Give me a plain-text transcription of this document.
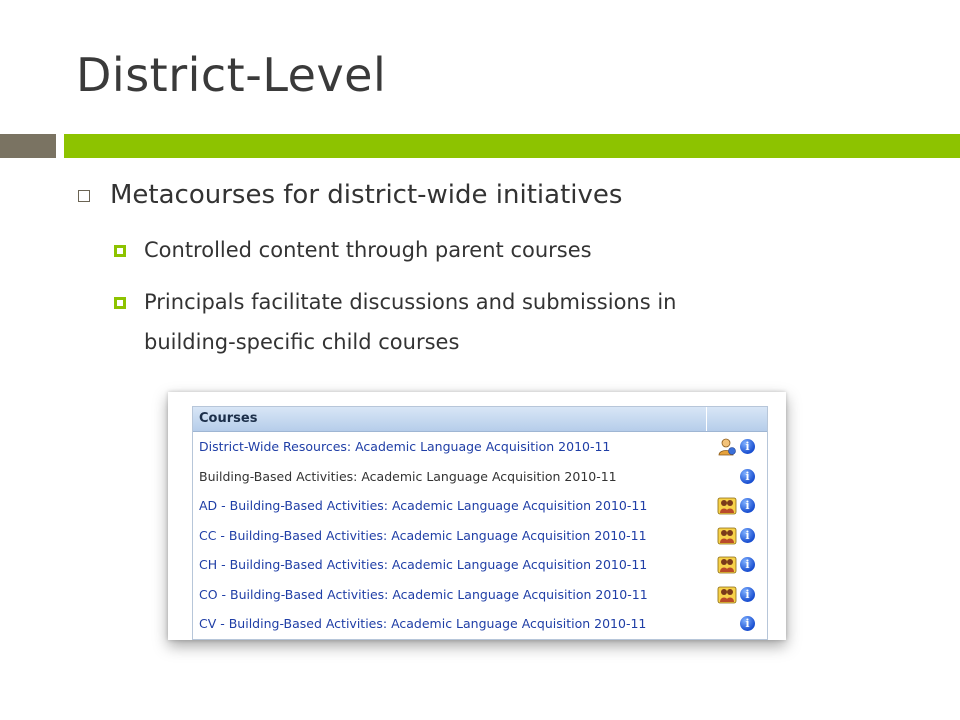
District-Level
Metacourses for district-wide initiatives
Controlled content through parent courses
Principals facilitate discussions and submissions in
building-specific child courses
Courses
District-Wide Resources: Academic Language Acquisition 2010-11	i
Building-Based Activities: Academic Language Acquisition 2010-11	i
AD - Building-Based Activities: Academic Language Acquisition 2010-11	i
CC - Building-Based Activities: Academic Language Acquisition 2010-11	i
CH - Building-Based Activities: Academic Language Acquisition 2010-11	i
CO - Building-Based Activities: Academic Language Acquisition 2010-11	i
CV - Building-Based Activities: Academic Language Acquisition 2010-11	i
